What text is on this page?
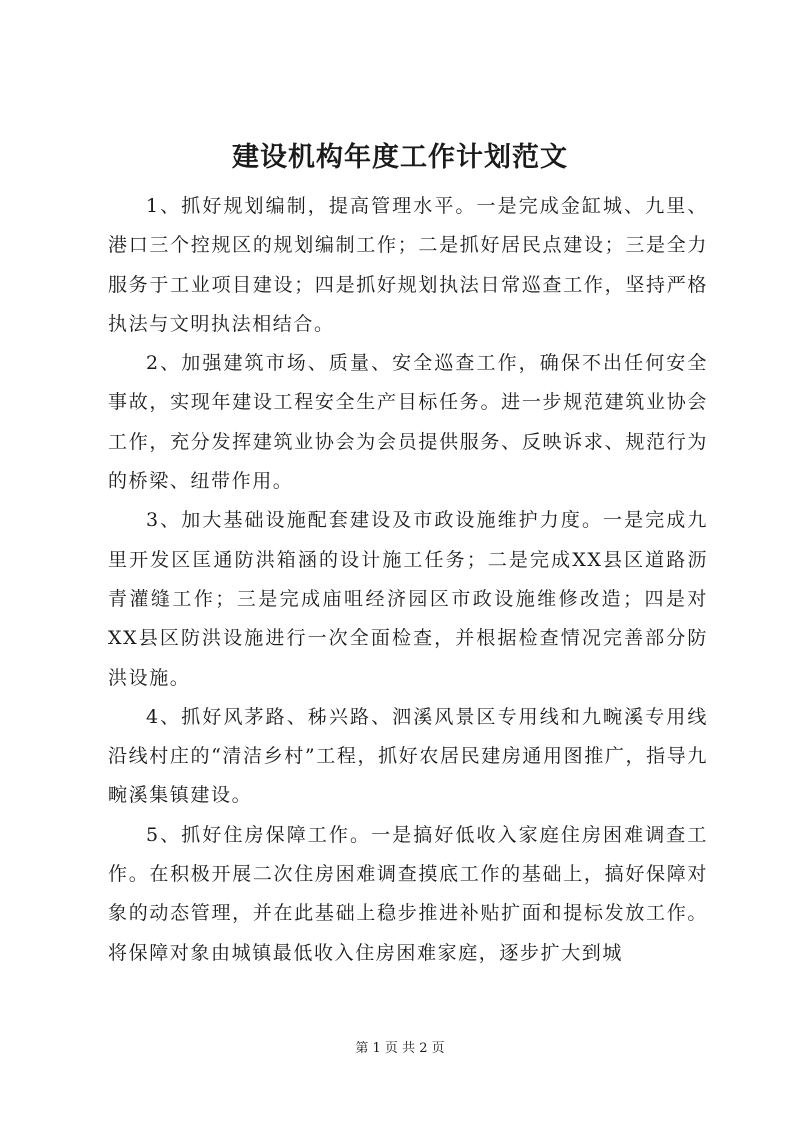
建设机构年度工作计划范文

1、抓好规划编制，提高管理水平。一是完成金缸城、九里、港口三个控规区的规划编制工作；二是抓好居民点建设；三是全力服务于工业项目建设；四是抓好规划执法日常巡查工作，坚持严格执法与文明执法相结合。

2、加强建筑市场、质量、安全巡查工作，确保不出任何安全事故，实现年建设工程安全生产目标任务。进一步规范建筑业协会工作，充分发挥建筑业协会为会员提供服务、反映诉求、规范行为的桥梁、纽带作用。

3、加大基础设施配套建设及市政设施维护力度。一是完成九里开发区匡通防洪箱涵的设计施工任务；二是完成XX县区道路沥青灌缝工作；三是完成庙咀经济园区市政设施维修改造；四是对XX县区防洪设施进行一次全面检查，并根据检查情况完善部分防洪设施。

4、抓好风茅路、秭兴路、泗溪风景区专用线和九畹溪专用线沿线村庄的“清洁乡村”工程，抓好农居民建房通用图推广，指导九畹溪集镇建设。

5、抓好住房保障工作。一是搞好低收入家庭住房困难调查工作。在积极开展二次住房困难调查摸底工作的基础上，搞好保障对象的动态管理，并在此基础上稳步推进补贴扩面和提标发放工作。将保障对象由城镇最低收入住房困难家庭，逐步扩大到城

第 1 页 共 2 页
